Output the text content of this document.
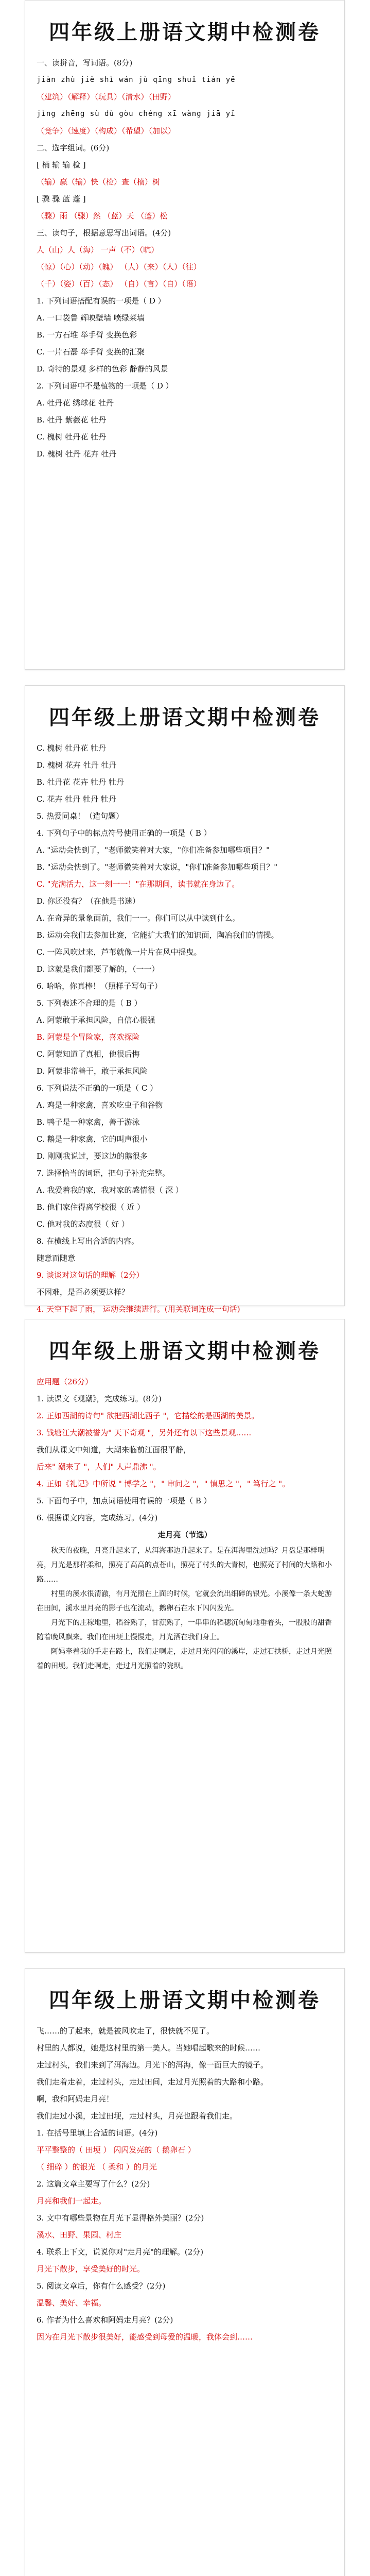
四年级上册语文期中检测卷
一、读拼音，写词语。(8分)
jiàn zhù jiě shì wán jù qīng shuǐ tián yě
（建筑）（解释）（玩具）（清水）（田野）
jìng zhēng sù dù gòu chéng xī wàng jiā yǐ
（竞争）（速度）（构成）（希望）（加以）
二、选字组词。(6分)
[ 楠 输 输 检 ]
（输）赢（输）快（检）查（楠）树
[ 骤 骤 蓝 蓬 ]
（骤）雨 （骤）然 （蓝）天 （蓬）松
三、读句子，根据意思写出词语。(4分)
人（山）人（海） 一声（不）（吭）
（惊）（心）（动）（魄） （人）（来）（人）（往）
（千）（姿）（百）（态） （自）（言）（自）（语）
1. 下列词语搭配有误的一项是（ D ）
A. 一口袋鲁 辉映壁墙 喷绿菜墙
B. 一方石堆 举手臂 变换色彩
C. 一片石磊 举手臂 变换的汇聚
D. 奇特的景观 多样的色彩 静静的风景
2. 下列词语中不是植物的一项是（ D ）
A. 牡丹花 绣球花 牡丹
B. 牡丹 紫薇花 牡丹
C. 槐树 牡丹花 牡丹
D. 槐树 牡丹 花卉 牡丹
四年级上册语文期中检测卷
C. 槐树 牡丹花 牡丹
D. 槐树 花卉 牡丹 牡丹
B. 牡丹花 花卉 牡丹 牡丹
C. 花卉 牡丹 牡丹 牡丹
5. 热爱同桌！（造句题）
4. 下列句子中的标点符号使用正确的一项是（ B ）
A. "运动会快到了，"老师微笑着对大家，"你们准备参加哪些项目？"
B. "运动会快到了。"老师微笑着对大家说，"你们准备参加哪些项目？"
C. "充满活力，这一刻一一！"在那期间，读书就在身边了。
D. 你还没有？（在他是书迷）
A. 在奇异的景象面前，我们一一。你们可以从中读到什么。
B. 运动会我们去参加比赛，它能扩大我们的知识面，陶冶我们的情操。
C. 一阵风吹过来，芦苇就像一片片在风中摇曳。
D. 这就是我们都要了解的，（一一）
6. 哈哈，你真棒！（照样子写句子）
5. 下列表述不合理的是（ B ）
A. 阿蒙敢于承担风险，自信心很强
B. 阿蒙是个冒险家，喜欢探险
C. 阿蒙知道了真相，他很后悔
D. 阿蒙非常善于，敢于承担风险
6. 下列说法不正确的一项是（ C ）
A. 鸡是一种家禽，喜欢吃虫子和谷物
B. 鸭子是一种家禽，善于游泳
C. 鹅是一种家禽，它的叫声很小
D. 刚刚我说过，要这边的鹅很多
7. 选择恰当的词语，把句子补充完整。
A. 我爱着我的家，我对家的感情很（ 深 ）
B. 他们家住得离学校很（ 近 ）
C. 他对我的态度很（ 好 ）
8. 在横线上写出合适的内容。
随意而随意
9. 谈谈对这句话的理解（2分）
不困难，是否必须要这样？
4. 天空下起了雨， 运动会继续进行。(用关联词连成一句话)
四年级上册语文期中检测卷
应用题（26分）
1. 读课文《观潮》，完成练习。(8分)
2. 正如西湖的诗句" 欲把西湖比西子 "，它描绘的是西湖的美景。
3. 钱塘江大潮被誉为" 天下奇观 "，另外还有以下这些景观……
我们从课文中知道，大潮来临前江面很平静，
后来" 潮来了 "，人们" 人声鼎沸 "。
4. 正如《礼记》中所说 " 博学之 "，" 审问之 "，" 慎思之 "，" 笃行之 "。
5. 下面句子中，加点词语使用有误的一项是（ B ）
6. 根据课文内容，完成练习。(4分)
走月亮（节选）
秋天的夜晚，月亮升起来了，从洱海那边升起来了。是在洱海里洗过吗？月盘是那样明亮，月光是那样柔和，照亮了高高的点苍山，照亮了村头的大青树，也照亮了村间的大路和小路……
村里的溪水很清澈，有月光照在上面的时候，它就会流出细碎的银光。小溪像一条大蛇游在田间，溪水里月亮的影子也在流动，鹅卵石在水下闪闪发光。
月光下的庄稼地里，稻谷熟了，甘蔗熟了，一串串的稻穗沉甸甸地垂着头，一股股的甜香随着晚风飘来。我们在田埂上慢慢走，月光洒在我们身上。
阿妈牵着我的手走在路上，我们走啊走，走过月光闪闪的溪岸，走过石拱桥，走过月光照着的田埂。我们走啊走，走过月光照着的院坝。
四年级上册语文期中检测卷
飞……的了起来，就是被风吹走了，很快就不见了。
村里的人都说，她是这村里的第一美人。当她唱起歌来的时候……
走过村头，我们来到了洱海边。月光下的洱海，像一面巨大的镜子。
我们走着走着，走过村头，走过田间，走过月光照着的大路和小路。
啊，我和阿妈走月亮！
我们走过小溪，走过田埂，走过村头，月亮也跟着我们走。
1. 在括号里填上合适的词语。(4分)
平平整整的（ 田埂 ） 闪闪发亮的（ 鹅卵石 ）
（ 细碎 ）的银光 （ 柔和 ）的月光
2. 这篇文章主要写了什么？(2分)
月亮和我们一起走。
3. 文中有哪些景物在月光下显得格外美丽？(2分)
溪水、田野、果园、村庄
4. 联系上下文，说说你对"走月亮"的理解。(2分)
月光下散步，享受美好的时光。
5. 阅读文章后，你有什么感受？(2分)
温馨、美好、幸福。
6. 作者为什么喜欢和阿妈走月亮？(2分)
因为在月光下散步很美好，能感受到母爱的温暖，我体会到……
